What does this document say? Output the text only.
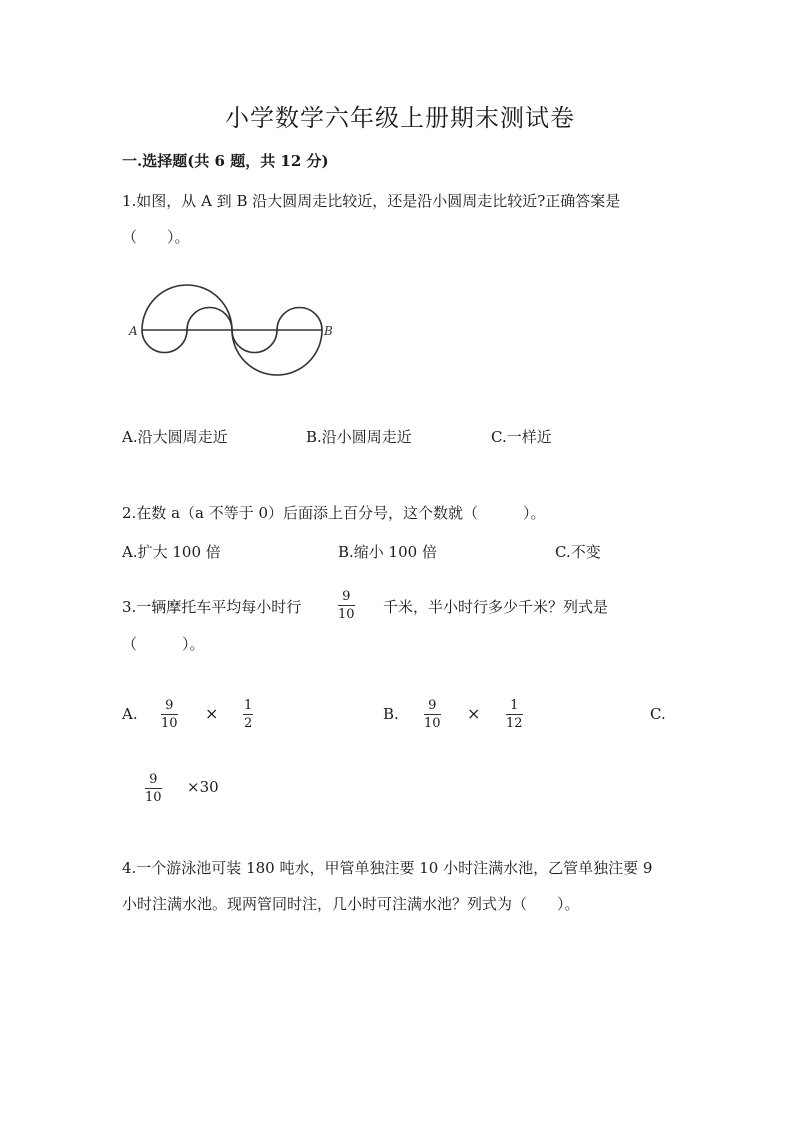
小学数学六年级上册期末测试卷
一.选择题(共 6 题，共 12 分)
1.如图，从 A 到 B 沿大圆周走比较近，还是沿小圆周走比较近?正确答案是
（　　）。
A	B
A.沿大圆周走近	B.沿小圆周走近	C.一样近
2.在数 a（a 不等于 0）后面添上百分号，这个数就（　　　）。
A.扩大 100 倍	B.缩小 100 倍	C.不变
3.一辆摩托车平均每小时行
9
10 千米，半小时行多少千米？列式是
（　　　）。
A. 9
10
× 1
2
B. 9
10
× 1
12
C.
9
10
×30
4.一个游泳池可装 180 吨水，甲管单独注要 10 小时注满水池，乙管单独注要 9
小时注满水池。现两管同时注，几小时可注满水池？列式为（　　）。
